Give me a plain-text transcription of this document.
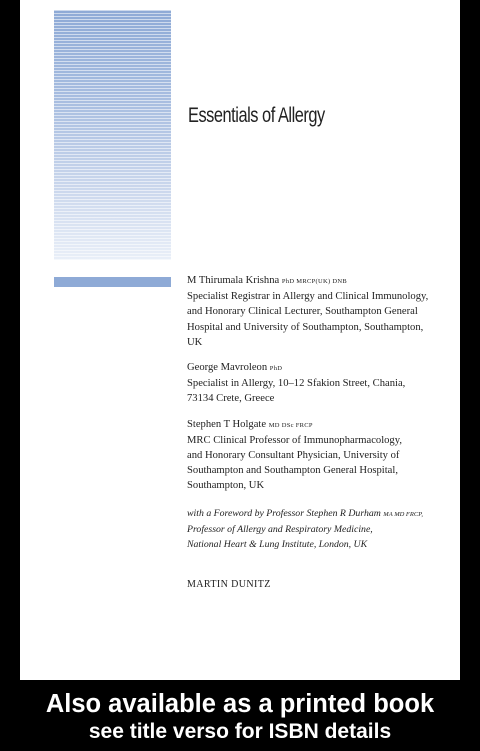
Essentials of Allergy
M Thirumala Krishna PhD MRCP(UK) DNB
Specialist Registrar in Allergy and Clinical Immunology,
and Honorary Clinical Lecturer, Southampton General
Hospital and University of Southampton, Southampton,
UK
George Mavroleon PhD
Specialist in Allergy, 10–12 Sfakion Street, Chania,
73134 Crete, Greece
Stephen T Holgate MD DSc FRCP
MRC Clinical Professor of Immunopharmacology,
and Honorary Consultant Physician, University of
Southampton and Southampton General Hospital,
Southampton, UK
with a Foreword by Professor Stephen R Durham MA MD FRCP,
Professor of Allergy and Respiratory Medicine,
National Heart & Lung Institute, London, UK
MARTIN DUNITZ
Also available as a printed book
see title verso for ISBN details
